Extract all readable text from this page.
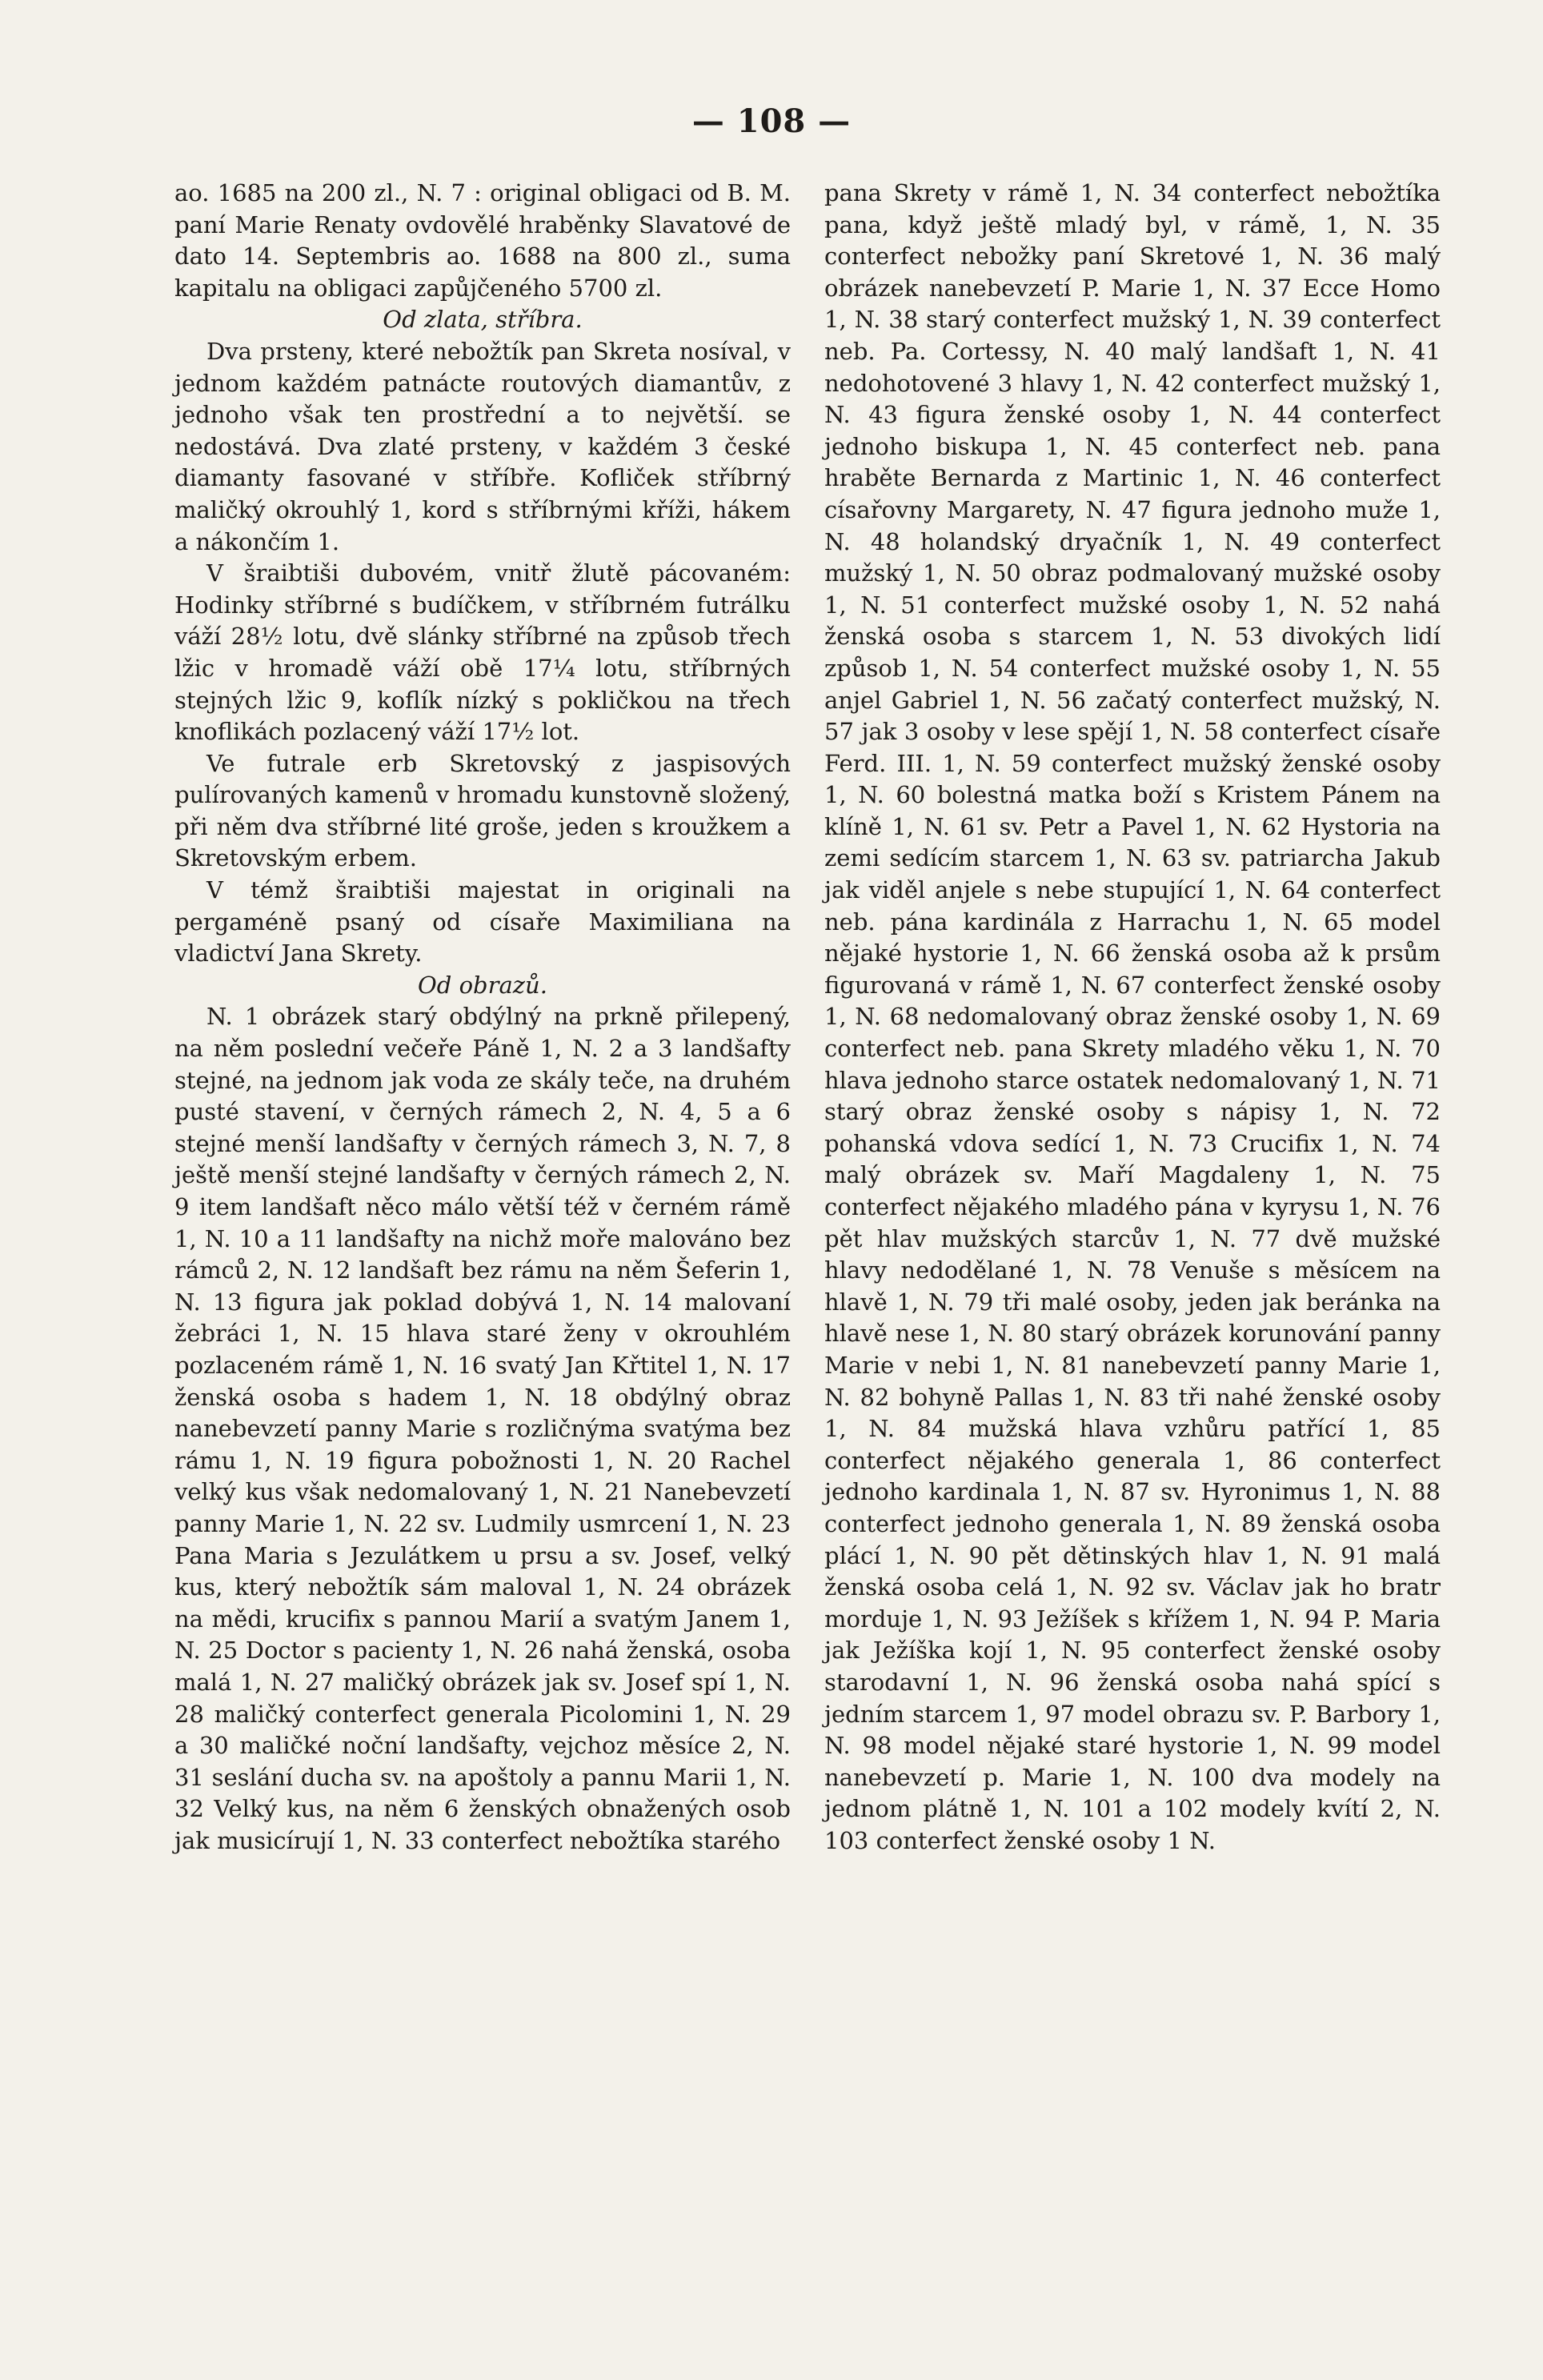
— 108 —

ao. 1685 na 200 zl., N. 7 : original obligaci od B. M. paní Marie Renaty ovdovělé hraběnky Slavatové de dato 14. Septembris ao. 1688 na 800 zl., suma kapitalu na obligaci zapůjčeného 5700 zl.

Od zlata, stříbra.

Dva prsteny, které nebožtík pan Skreta nosíval, v jednom každém patnácte routových diamantův, z jednoho však ten prostřední a to největší. se nedostává. Dva zlaté prsteny, v každém 3 české diamanty fasované v stříbře. Kofliček stříbrný maličký okrouhlý 1, kord s stříbrnými kříži, hákem a nákončím 1.

V šraibtiši dubovém, vnitř žlutě pácovaném: Hodinky stříbrné s budíčkem, v stříbrném futrálku váží 28½ lotu, dvě slánky stříbrné na způsob třech lžic v hromadě váží obě 17¼ lotu, stříbrných stejných lžic 9, koflík nízký s pokličkou na třech knoflikách pozlacený váží 17½ lot.

Ve futrale erb Skretovský z jaspisových pulírovaných kamenů v hromadu kunstovně složený, při něm dva stříbrné lité groše, jeden s kroužkem a Skretovským erbem.

V témž šraibtiši majestat in originali na pergaméně psaný od císaře Maximiliana na vladictví Jana Skrety.

Od obrazů.

N. 1 obrázek starý obdýlný na prkně přilepený, na něm poslední večeře Páně 1, N. 2 a 3 landšafty stejné, na jednom jak voda ze skály teče, na druhém pusté stavení, v černých rámech 2, N. 4, 5 a 6 stejné menší landšafty v černých rámech 3, N. 7, 8 ještě menší stejné landšafty v černých rámech 2, N. 9 item landšaft něco málo větší též v černém rámě 1, N. 10 a 11 landšafty na nichž moře malováno bez rámců 2, N. 12 landšaft bez rámu na něm Šeferin 1, N. 13 figura jak poklad dobývá 1, N. 14 malovaní žebráci 1, N. 15 hlava staré ženy v okrouhlém pozlaceném rámě 1, N. 16 svatý Jan Křtitel 1, N. 17 ženská osoba s hadem 1, N. 18 obdýlný obraz nanebevzetí panny Marie s rozličnýma svatýma bez rámu 1, N. 19 figura pobožnosti 1, N. 20 Rachel velký kus však nedomalovaný 1, N. 21 Nanebevzetí panny Marie 1, N. 22 sv. Ludmily usmrcení 1, N. 23 Pana Maria s Jezulátkem u prsu a sv. Josef, velký kus, který nebožtík sám maloval 1, N. 24 obrázek na mědi, krucifix s pannou Marií a svatým Janem 1, N. 25 Doctor s pacienty 1, N. 26 nahá ženská, osoba malá 1, N. 27 maličký obrázek jak sv. Josef spí 1, N. 28 maličký conterfect generala Picolomini 1, N. 29 a 30 maličké noční landšafty, vejchoz měsíce 2, N. 31 seslání ducha sv. na apoštoly a pannu Marii 1, N. 32 Velký kus, na něm 6 ženských obnažených osob jak musicírují 1, N. 33 conterfect nebožtíka starého

pana Skrety v rámě 1, N. 34 conterfect nebožtíka pana, když ještě mladý byl, v rámě, 1, N. 35 conterfect nebožky paní Skretové 1, N. 36 malý obrázek nanebevzetí P. Marie 1, N. 37 Ecce Homo 1, N. 38 starý conterfect mužský 1, N. 39 conterfect neb. Pa. Cortessy, N. 40 malý landšaft 1, N. 41 nedohotovené 3 hlavy 1, N. 42 conterfect mužský 1, N. 43 figura ženské osoby 1, N. 44 conterfect jednoho biskupa 1, N. 45 conterfect neb. pana hraběte Bernarda z Martinic 1, N. 46 conterfect císařovny Margarety, N. 47 figura jednoho muže 1, N. 48 holandský dryačník 1, N. 49 conterfect mužský 1, N. 50 obraz podmalovaný mužské osoby 1, N. 51 conterfect mužské osoby 1, N. 52 nahá ženská osoba s starcem 1, N. 53 divokých lidí způsob 1, N. 54 conterfect mužské osoby 1, N. 55 anjel Gabriel 1, N. 56 začatý conterfect mužský, N. 57 jak 3 osoby v lese spějí 1, N. 58 conterfect císaře Ferd. III. 1, N. 59 conterfect mužský ženské osoby 1, N. 60 bolestná matka boží s Kristem Pánem na klíně 1, N. 61 sv. Petr a Pavel 1, N. 62 Hystoria na zemi sedícím starcem 1, N. 63 sv. patriarcha Jakub jak viděl anjele s nebe stupující 1, N. 64 conterfect neb. pána kardinála z Harrachu 1, N. 65 model nějaké hystorie 1, N. 66 ženská osoba až k prsům figurovaná v rámě 1, N. 67 conterfect ženské osoby 1, N. 68 nedomalovaný obraz ženské osoby 1, N. 69 conterfect neb. pana Skrety mladého věku 1, N. 70 hlava jednoho starce ostatek nedomalovaný 1, N. 71 starý obraz ženské osoby s nápisy 1, N. 72 pohanská vdova sedící 1, N. 73 Crucifix 1, N. 74 malý obrázek sv. Maří Magdaleny 1, N. 75 conterfect nějakého mladého pána v kyrysu 1, N. 76 pět hlav mužských starcův 1, N. 77 dvě mužské hlavy nedodělané 1, N. 78 Venuše s měsícem na hlavě 1, N. 79 tři malé osoby, jeden jak beránka na hlavě nese 1, N. 80 starý obrázek korunování panny Marie v nebi 1, N. 81 nanebevzetí panny Marie 1, N. 82 bohyně Pallas 1, N. 83 tři nahé ženské osoby 1, N. 84 mužská hlava vzhůru patřící 1, 85 conterfect nějakého generala 1, 86 conterfect jednoho kardinala 1, N. 87 sv. Hyronimus 1, N. 88 conterfect jednoho generala 1, N. 89 ženská osoba plácí 1, N. 90 pět dětinských hlav 1, N. 91 malá ženská osoba celá 1, N. 92 sv. Václav jak ho bratr morduje 1, N. 93 Ježíšek s křížem 1, N. 94 P. Maria jak Ježíška kojí 1, N. 95 conterfect ženské osoby starodavní 1, N. 96 ženská osoba nahá spící s jedním starcem 1, 97 model obrazu sv. P. Barbory 1, N. 98 model nějaké staré hystorie 1, N. 99 model nanebevzetí p. Marie 1, N. 100 dva modely na jednom plátně 1, N. 101 a 102 modely kvítí 2, N. 103 conterfect ženské osoby 1 N.
